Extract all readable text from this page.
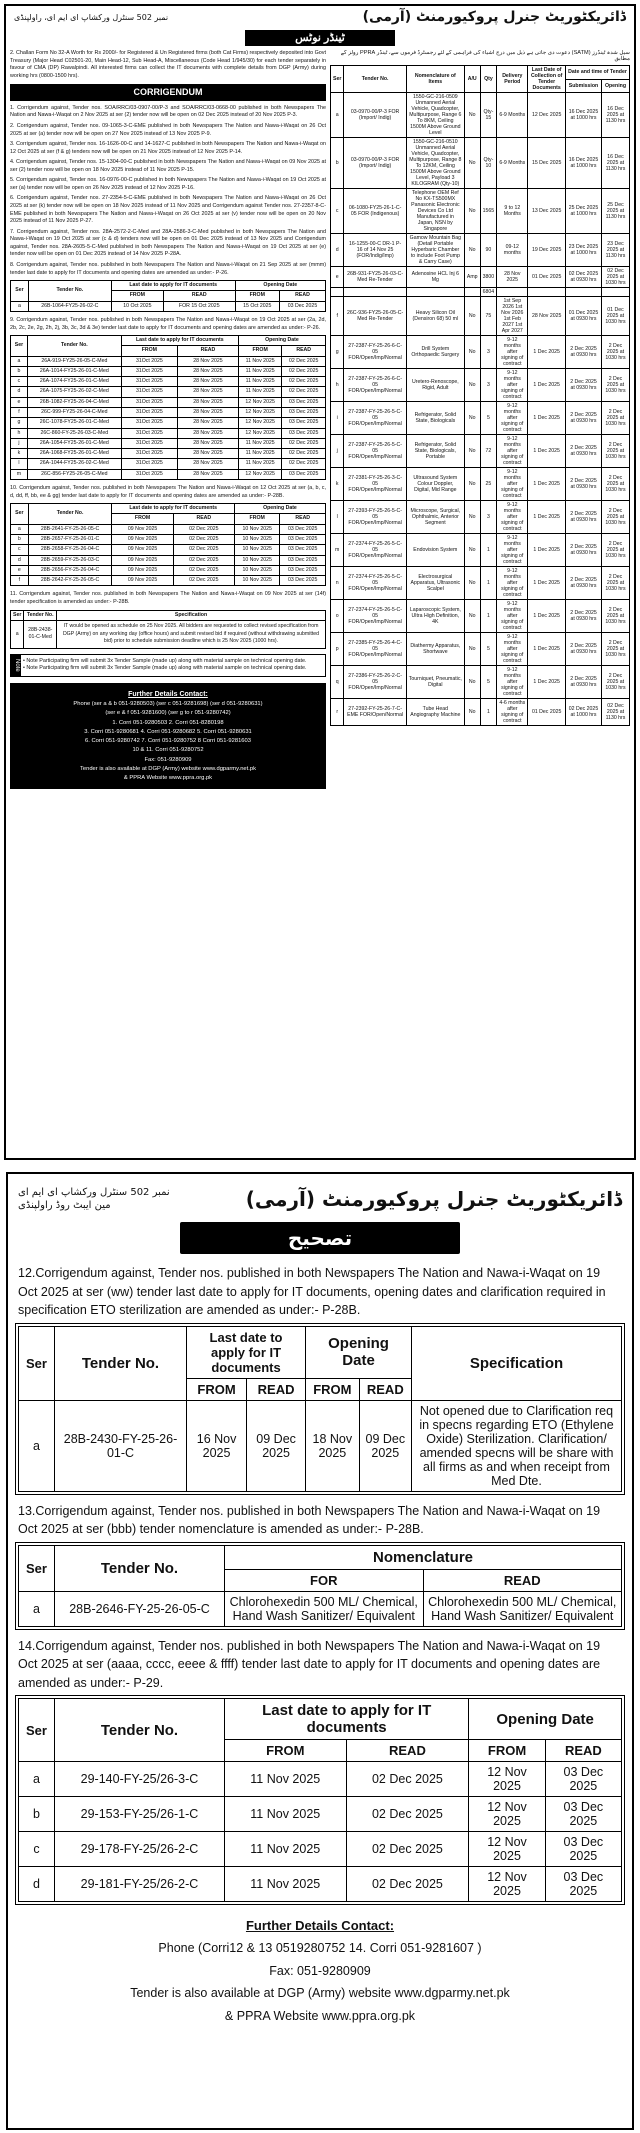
نمبر 502 سنٹرل ورکشاپ ای ایم ای، راولپنڈی	ڈائریکٹوریٹ جنرل پروکیورمنٹ (آرمی)
ٹینڈر نوٹس

2. Challan Form No 32-A Worth for Rs 2000/- for Registered & Un Registered firms (both Cat Firms) respectively deposited into Govt Treasury (Major Head C02501-20, Main Head-12, Sub Head-A, Miscellaneous (Code Head 1/945/30) for each tender separately in favour of CMA (DP) Rawalpindi. All interested firms can collect the IT documents with complete details from DGP (Army) during working hrs (0800-1500 hrs).

CORRIGENDUM

1. Corrigendum against, Tender nos. SOA/RRC/03-0907-00/P-3 and SOA/RRC/03-0668-00 published in both Newspapers The Nation and Nawa-i-Waqat on 2 Nov 2025 at ser (2) tender now will be open on 02 Dec 2025 instead of 20 Nov 2025 P-3.

2. Corrigendum against, Tender nos. 09-1065-3-C-EME published in both Newspapers The Nation and Nawa-i-Waqat on 26 Oct 2025 at ser (a) tender now will be open on 27 Nov 2025 instead of 13 Nov 2025 P-9.

3. Corrigendum against, Tender nos. 16-1626-00-C and 14-1627-C published in both Newspapers The Nation and Nawa-i-Waqat on 12 Oct 2025 at ser (f & g) tenders now will be open on 21 Nov 2025 instead of 12 Nov 2025 P-14.

4. Corrigendum against, Tender nos. 15-1304-00-C published in both Newspapers The Nation and Nawa-i-Waqat on 09 Nov 2025 at ser (2) tender now will be open on 18 Nov 2025 instead of 11 Nov 2025 P-15.

5. Corrigendum against, Tender nos. 16-0976-00-C published in both Newspapers The Nation and Nawa-i-Waqat on 19 Oct 2025 at ser (a) tender now will be open on 26 Nov 2025 instead of 12 Nov 2025 P-16.

6. Corrigendum against, Tender nos. 27-2354-5-C-EME published in both Newspapers The Nation and Nawa-i-Waqat on 26 Oct 2025 at ser (k) tender now will be open on 18 Nov 2025 instead of 11 Nov 2025 and Corrigendum against Tender nos. 27-2357-8-C-EME published in both Newspapers The Nation and Nawa-i-Waqat on 26 Oct 2025 at ser (v) tender now will be open on 20 Nov 2025 instead of 11 Nov 2025 P-27.

7. Corrigendum against, Tender nos. 28A-2572-2-C-Med and 28A-2586-3-C-Med published in both Newspapers The Nation and Nawa-i-Waqat on 19 Oct 2025 at ser (c & d) tenders now will be open on 01 Dec 2025 instead of 13 Nov 2025 and Corrigendum against, Tender nos. 28A-2605-5-C-Med published in both Newspapers The Nation and Nawa-i-Waqat on 19 Oct 2025 at ser (e) tender now will be open on 01 Dec 2025 instead of 14 Nov 2025 P-28A.

8. Corrigendum against, Tender nos. published in both Newspapers The Nation and Nawa-i-Waqat on 21 Sep 2025 at ser (mmm) tender last date to apply for IT documents and opening dates are amended as under:- P-26.

Ser	Tender No.	Last date to apply for IT documents		Opening Date	
		FROM	READ	FROM	READ
a	26B-1064-FY25-26-02-C	10 Oct 2025	FOR 15 Oct 2025	15 Oct 2025	03 Dec 2025

9. Corrigendum against, Tender nos. published in both Newspapers The Nation and Nawa-i-Waqat on 19 Oct 2025 at ser (2a, 2d, 2b, 2c, 2e, 2g, 2h, 2j, 3b, 3c, 3d & 3e) tender last date to apply for IT documents and opening dates are amended as under:- P-26.

Ser	Tender No.	Last date to apply for IT documents		Opening Date	
		FROM	READ	FROM	READ
a	26A-919-FY25-26-05-C-Med	31Oct 2025	28 Nov 2025	11 Nov 2025	02 Dec 2025
b	26A-1014-FY25-26-01-C-Med	31Oct 2025	28 Nov 2025	11 Nov 2025	02 Dec 2025
c	26A-1074-FY25-26-01-C-Med	31Oct 2025	28 Nov 2025	11 Nov 2025	02 Dec 2025
d	26A-1075-FY25-26-02-C-Med	31Oct 2025	28 Nov 2025	11 Nov 2025	02 Dec 2025
e	26B-1082-FY25-26-04-C-Med	31Oct 2025	28 Nov 2025	12 Nov 2025	03 Dec 2025
f	26C-999-FY25-26-04-C-Med	31Oct 2025	28 Nov 2025	12 Nov 2025	03 Dec 2025
g	26C-1078-FY25-26-01-C-Med	31Oct 2025	28 Nov 2025	12 Nov 2025	03 Dec 2025
h	26C-860-FY-25-26-03-C-Med	31Oct 2025	28 Nov 2025	12 Nov 2025	03 Dec 2025
j	26A-1054-FY25-26-01-C-Med	31Oct 2025	28 Nov 2025	11 Nov 2025	02 Dec 2025
k	26A-1068-FY25-26-01-C-Med	31Oct 2025	28 Nov 2025	11 Nov 2025	02 Dec 2025
l	26A-1044-FY25-26-02-C-Med	31Oct 2025	28 Nov 2025	11 Nov 2025	02 Dec 2025
m	26C-856-FY25-26-05-C-Med	31Oct 2025	28 Nov 2025	12 Nov 2025	03 Dec 2025

10. Corrigendum against, Tender nos. published in both Newspapers The Nation and Nawa-i-Waqat on 12 Oct 2025 at ser (a, b, c, d, dd, ff, bb, ee & gg) tender last date to apply for IT documents and opening dates are amended as under:- P-28B.

Ser	Tender No.	Last date to apply for IT documents		Opening Date	
		FROM	READ	FROM	READ
a	28B-2641-FY-25-26-05-C	09 Nov 2025	02 Dec 2025	10 Nov 2025	03 Dec 2025
b	28B-2657-FY-25-26-01-C	09 Nov 2025	02 Dec 2025	10 Nov 2025	03 Dec 2025
c	28B-2658-FY-25-26-04-C	09 Nov 2025	02 Dec 2025	10 Nov 2025	03 Dec 2025
d	28B-2659-FY-25-26-03-C	09 Nov 2025	02 Dec 2025	10 Nov 2025	03 Dec 2025
e	28B-2656-FY-25-26-04-C	09 Nov 2025	02 Dec 2025	10 Nov 2025	03 Dec 2025
f	28B-2642-FY-25-26-05-C	09 Nov 2025	02 Dec 2025	10 Nov 2025	03 Dec 2025

11. Corrigendum against, Tender nos. published in both Newspapers The Nation and Nawa-i-Waqat on 09 Nov 2025 at ser (14f) tender specification is amended as under:- P-28B.

Ser	Tender No.	Specification
a	28B-2438-01-C-Med	IT would be opened as schedule on 25 Nov 2025. All bidders are requested to collect revised specification from DGP (Army) on any working day (office hours) and submit revised bid if required (without withdrawing submitted bid) prior to schedule submission deadline which is 25 Nov 2025 (1000 hrs).
Note • Note Participating firm will submit 3x Tender Sample (made up) along with material sample on technical opening date.

• Note Participating firm will submit 3x Tender Sample (made up) along with material sample on technical opening date.

Further Details Contact:
Phone (ser a & b 051-9280503) (ser c 051-9281698) (ser d 051-9280631)
(ser e & f 051-9281600) (ser g to r 051-9280742)
1. Corri 051-9280503 2. Corri 051-8280198
3. Corri 051-9280681 4. Corri 051-9280682 5. Corri 051-9280631
6. Corri 051-9280742 7. Corri 051-9280752 8 Corri 051-9281603
10 & 11. Corri 051-9280752
Fax: 051-9280909
Tender is also available at DGP (Army) website www.dgparmy.net.pk
& PPRA Website www.ppra.org.pk

سیل شدہ ٹینڈرز (SATM) دعوت دی جاتی ہے ذیل میں درج اشیاء کی فراہمی کے لئے رجسٹرڈ فرموں سے، ٹینڈر PPRA رولز کے مطابق

Ser	Tender No.	Nomenclature of Items	A/U	Qty	Delivery Period	Last Date of Collection of Tender Documents	Date and time of Tender	
							Submission	Opening
a	03-0970-00/P-3 FOR (Import/ Indig)	1550-GC-216-0509 Unmanned Aerial Vehicle, Quadcopter, Multipurpose, Range 6 To 8KM, Ceiling 1500M Above Ground Level	No	Qty-15	6-9 Months	12 Dec 2025	16 Dec 2025 at 1000 hrs	16 Dec 2025 at 1130 hrs
b	03-0970-00/P-3 FOR (Import/ Indig)	1550-GC-216-0510 Unmanned Aerial Vehicle, Quadcopter, Multipurpose, Range 8 To 12KM, Ceiling 1500M Above Ground Level, Payload 3 KILOGRAM (Qty-10)	No	Qty-10	6-9 Months	15 Dec 2025	16 Dec 2025 at 1000 hrs	16 Dec 2025 at 1130 hrs
c	06-1080-FY25-26-1-C-05 FOR (Indigenous)	Telephone OEM Ref No KX-TS500MX Panasonic Electronic Devices Co Ltd Manufactured in Japan, NSN by Singapore	No	1565	9 to 12 Months	13 Dec 2025	25 Dec 2025 at 1000 hrs	25 Dec 2025 at 1130 hrs
d	16-1255-00-C DR-1 P-16 of 14 Nov 25 (FOR/Indig/Imp)	Gamow Mountain Bag (Detail Portable Hyperbaric Chamber to include Foot Pump & Carry Case)	No	90	09-12 months	19 Dec 2025	23 Dec 2025 at 1000 hrs	23 Dec 2025 at 1130 hrs
e	26B-931-FY25-26-03-C-Med Re-Tender	Adenosine HCL Inj 6 Mg	Amp	3800	28 Nov 2025	01 Dec 2025	02 Dec 2025 at 0930 hrs	02 Dec 2025 at 1030 hrs
				6804				
f	26C-936-FY25-26-05-C-Med Re-Tender	Heavy Silicon Oil (Densiron 68) 50 ml	No	75	1st Sep 2026 1st Nov 2026 1st Feb 2027 1st Apr 2027	28 Nov 2025	01 Dec 2025 at 0930 hrs	01 Dec 2025 at 1030 hrs
g	27-2387-FY-25-26-6-C-05 FOR/Open/Imp/Normal	Drill System Orthopaedic Surgery	No	3	9-12 months after signing of contract	1 Dec 2025	2 Dec 2025 at 0930 hrs	2 Dec 2025 at 1030 hrs
h	27-2387-FY-25-26-6-C-05 FOR/Open/Imp/Normal	Uretero-Renoscope, Rigid, Adult	No	3	9-12 months after signing of contract	1 Dec 2025	2 Dec 2025 at 0930 hrs	2 Dec 2025 at 1030 hrs
i	27-2387-FY-25-26-5-C-05 FOR/Open/Imp/Normal	Refrigerator, Solid State, Biologicals	No	5	9-12 months after signing of contract	1 Dec 2025	2 Dec 2025 at 0930 hrs	2 Dec 2025 at 1030 hrs
j	27-2387-FY-25-26-5-C-05 FOR/Open/Imp/Normal	Refrigerator, Solid State, Biologicals, Portable	No	72	9-12 months after signing of contract	1 Dec 2025	2 Dec 2025 at 0930 hrs	2 Dec 2025 at 1030 hrs
k	27-2381-FY-25-26-3-C-05 FOR/Open/Imp/Normal	Ultrasound System Colour Doppler, Digital, Mid Range	No	25	9-12 months after signing of contract	1 Dec 2025	2 Dec 2025 at 0930 hrs	2 Dec 2025 at 1030 hrs
l	27-2393-FY-25-26-5-C-05 FOR/Open/Imp/Normal	Microscope, Surgical, Ophthalmic, Anterior Segment	No	3	9-12 months after signing of contract	1 Dec 2025	2 Dec 2025 at 0930 hrs	2 Dec 2025 at 1030 hrs
m	27-2374-FY-25-26-5-C-05 FOR/Open/Imp/Normal	Endovision System	No	1	9-12 months after signing of contract	1 Dec 2025	2 Dec 2025 at 0930 hrs	2 Dec 2025 at 1030 hrs
n	27-2374-FY-25-26-5-C-05 FOR/Open/Imp/Normal	Electrosurgical Apparatus, Ultrasonic Scalpel	No	1	9-12 months after signing of contract	1 Dec 2025	2 Dec 2025 at 0930 hrs	2 Dec 2025 at 1030 hrs
o	27-2374-FY-25-26-5-C-05 FOR/Open/Imp/Normal	Laparoscopic System, Ultra High Definition, 4K	No	1	9-12 months after signing of contract	1 Dec 2025	2 Dec 2025 at 0930 hrs	2 Dec 2025 at 1030 hrs
p	27-2385-FY-25-26-4-C-05 FOR/Open/Imp/Normal	Diathermy Apparatus, Shortwave	No	5	9-12 months after signing of contract	1 Dec 2025	2 Dec 2025 at 0930 hrs	2 Dec 2025 at 1030 hrs
q	27-2386-FY-25-26-2-C-05 FOR/Open/Imp/Normal	Tourniquet, Pneumatic, Digital	No	5	9-12 months after signing of contract	1 Dec 2025	2 Dec 2025 at 0930 hrs	2 Dec 2025 at 1030 hrs
r	27-2392-FY-25-26-7-C-EME FOR/Open/Normal	Tube Head Angiography Machine	No	1	4-6 months after signing of contract	01 Dec 2025	02 Dec 2025 at 1000 hrs	02 Dec 2025 at 1130 hrs
نمبر 502 سنٹرل ورکشاپ ای ایم ای
مین ایبٹ روڈ راولپنڈی	ڈائریکٹوریٹ جنرل پروکیورمنٹ (آرمی)
تصحیح

12.Corrigendum against, Tender nos. published in both Newspapers The Nation and Nawa-i-Waqat on 19 Oct 2025 at ser (ww) tender last date to apply for IT documents, opening dates and clarification required in specification ETO sterilization are amended as under:- P-28B.

Ser	Tender No.	Last date to apply for IT documents		Opening Date		Specification
		FROM	READ	FROM	READ	
a	28B-2430-FY-25-26-01-C	16 Nov 2025	09 Dec 2025	18 Nov 2025	09 Dec 2025	Not opened due to Clarification req in specns regarding ETO (Ethylene Oxide) Sterilization. Clarification/ amended specns will be share with all firms as and when receipt from Med Dte.

13.Corrigendum against, Tender nos. published in both Newspapers The Nation and Nawa-i-Waqat on 19 Oct 2025 at ser (bbb) tender nomenclature is amended as under:- P-28B.

Ser	Tender No.	Nomenclature	
		FOR	READ
a	28B-2646-FY-25-26-05-C	Chlorohexedin 500 ML/ Chemical, Hand Wash Sanitizer/ Equivalent	Chlorohexedin 500 ML/ Chemical, Hand Wash Sanitizer/ Equivalent

14.Corrigendum against, Tender nos. published in both Newspapers The Nation and Nawa-i-Waqat on 19 Oct 2025 at ser (aaaa, cccc, eeee & ffff) tender last date to apply for IT documents and opening dates are amended as under:- P-29.

Ser	Tender No.	Last date to apply for IT documents		Opening Date	
		FROM	READ	FROM	READ
a	29-140-FY-25/26-3-C	11 Nov 2025	02 Dec 2025	12 Nov 2025	03 Dec 2025
b	29-153-FY-25/26-1-C	11 Nov 2025	02 Dec 2025	12 Nov 2025	03 Dec 2025
c	29-178-FY-25/26-2-C	11 Nov 2025	02 Dec 2025	12 Nov 2025	03 Dec 2025
d	29-181-FY-25/26-2-C	11 Nov 2025	02 Dec 2025	12 Nov 2025	03 Dec 2025
Further Details Contact:
Phone (Corri12 & 13 0519280752 14. Corri 051-9281607 )
Fax: 051-9280909
Tender is also available at DGP (Army) website www.dgparmy.net.pk
& PPRA Website www.ppra.org.pk
